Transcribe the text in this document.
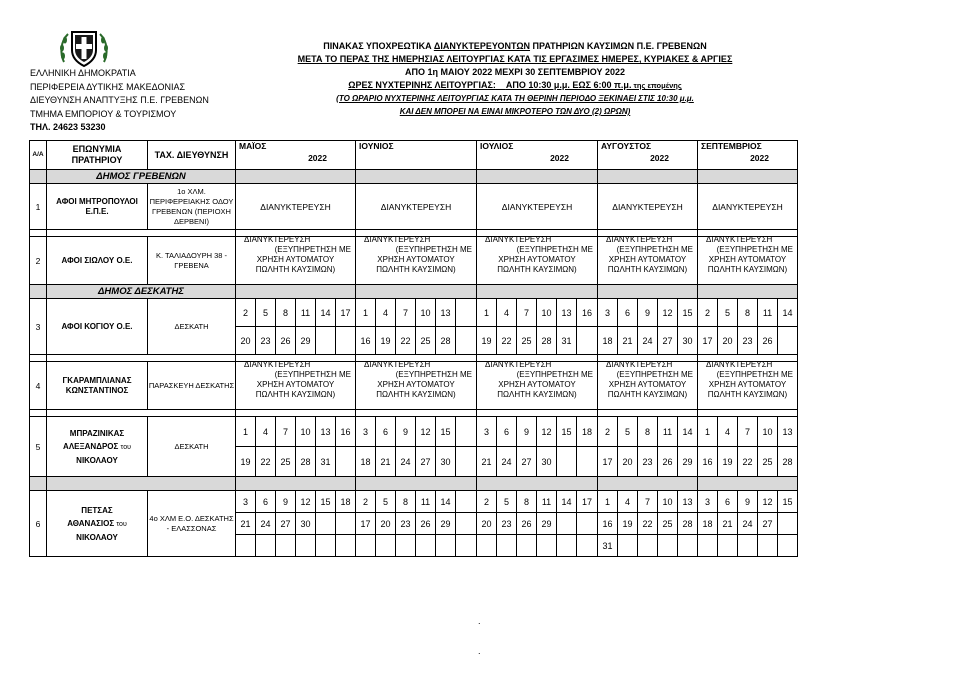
ΕΛΛΗΝΙΚΗ ΔΗΜΟΚΡΑΤΙΑ
ΠΕΡΙΦΕΡΕΙΑ ΔΥΤΙΚΗΣ ΜΑΚΕΔΟΝΙΑΣ
ΔΙΕΥΘΥΝΣΗ ΑΝΑΠΤΥΞΗΣ Π.Ε. ΓΡΕΒΕΝΩΝ
ΤΜΗΜΑ ΕΜΠΟΡΙΟΥ & ΤΟΥΡΙΣΜΟΥ
ΤΗΛ. 24623 53230
ΠΙΝΑΚΑΣ ΥΠΟΧΡΕΩΤΙΚΑ ΔΙΑΝΥΚΤΕΡΕΥΟΝΤΩΝ ΠΡΑΤΗΡΙΩΝ ΚΑΥΣΙΜΩΝ Π.Ε. ΓΡΕΒΕΝΩΝ
ΜΕΤΑ ΤΟ ΠΕΡΑΣ ΤΗΣ ΗΜΕΡΗΣΙΑΣ ΛΕΙΤΟΥΡΓΙΑΣ ΚΑΤΑ ΤΙΣ ΕΡΓΑΣΙΜΕΣ ΗΜΕΡΕΣ, ΚΥΡΙΑΚΕΣ & ΑΡΓΙΕΣ
ΑΠΟ 1η ΜΑΙΟΥ 2022 ΜΕΧΡΙ 30 ΣΕΠΤΕΜΒΡΙΟΥ 2022
ΩΡΕΣ ΝΥΧΤΕΡΙΝΗΣ ΛΕΙΤΟΥΡΓΙΑΣ: ΑΠΟ 10:30 μ.μ. ΕΩΣ 6:00 π.μ. της επομένης
(ΤΟ ΩΡΑΡΙΟ ΝΥΧΤΕΡΙΝΗΣ ΛΕΙΤΟΥΡΓΙΑΣ ΚΑΤΑ ΤΗ ΘΕΡΙΝΗ ΠΕΡΙΟΔΟ ΞΕΚΙΝΑΕΙ ΣΤΙΣ 10:30 μ.μ.
ΚΑΙ ΔΕΝ ΜΠΟΡΕΙ ΝΑ ΕΙΝΑΙ ΜΙΚΡΟΤΕΡΟ ΤΩΝ ΔΥΟ (2) ΩΡΩΝ)
Α/Α	ΕΠΩΝΥΜΙΑ ΠΡΑΤΗΡΙΟΥ	ΤΑΧ. ΔΙΕΥΘΥΝΣΗ	ΜΑΪΟΣ
2022						ΙΟΥΝΙΟΣ						ΙΟΥΛΙΟΣ
2022						ΑΥΓΟΥΣΤΟΣ
2022					ΣΕΠΤΕΜΒΡΙΟΣ
2022				

	ΔΗΜΟΣ ΓΡΕΒΕΝΩΝ																													
1	ΑΦΟΙ ΜΗΤΡΟΠΟΥΛΟΙ Ε.Π.Ε.	1ο ΧΛΜ. ΠΕΡΙΦΕΡΕΙΑΚΗΣ ΟΔΟΥ ΓΡΕΒΕΝΩΝ (ΠΕΡΙΟΧΗ ΔΕΡΒΕΝΙ)	ΔΙΑΝΥΚΤΕΡΕΥΣΗ						ΔΙΑΝΥΚΤΕΡΕΥΣΗ						ΔΙΑΝΥΚΤΕΡΕΥΣΗ						ΔΙΑΝΥΚΤΕΡΕΥΣΗ					ΔΙΑΝΥΚΤΕΡΕΥΣΗ				

2	ΑΦΟΙ ΣΙΩΛΟΥ Ο.Ε.	Κ. ΤΑΛΙΑΔΟΥΡΗ 38 - ΓΡΕΒΕΝΑ	ΔΙΑΝΥΚΤΕΡΕΥΣΗ
(ΕΞΥΠΗΡΕΤΗΣΗ ΜΕ
ΧΡΗΣΗ ΑΥΤΟΜΑΤΟΥ
ΠΩΛΗΤΗ ΚΑΥΣΙΜΩΝ)						ΔΙΑΝΥΚΤΕΡΕΥΣΗ
(ΕΞΥΠΗΡΕΤΗΣΗ ΜΕ
ΧΡΗΣΗ ΑΥΤΟΜΑΤΟΥ
ΠΩΛΗΤΗ ΚΑΥΣΙΜΩΝ)						ΔΙΑΝΥΚΤΕΡΕΥΣΗ
(ΕΞΥΠΗΡΕΤΗΣΗ ΜΕ
ΧΡΗΣΗ ΑΥΤΟΜΑΤΟΥ
ΠΩΛΗΤΗ ΚΑΥΣΙΜΩΝ)						ΔΙΑΝΥΚΤΕΡΕΥΣΗ
(ΕΞΥΠΗΡΕΤΗΣΗ ΜΕ
ΧΡΗΣΗ ΑΥΤΟΜΑΤΟΥ
ΠΩΛΗΤΗ ΚΑΥΣΙΜΩΝ)					ΔΙΑΝΥΚΤΕΡΕΥΣΗ
(ΕΞΥΠΗΡΕΤΗΣΗ ΜΕ
ΧΡΗΣΗ ΑΥΤΟΜΑΤΟΥ
ΠΩΛΗΤΗ ΚΑΥΣΙΜΩΝ)				

	ΔΗΜΟΣ ΔΕΣΚΑΤΗΣ																													
3	ΑΦΟΙ ΚΟΓΙΟΥ Ο.Ε.	ΔΕΣΚΑΤΗ	2	5	8	11	14	17	1	4	7	10	13		1	4	7	10	13	16	3	6	9	12	15	2	5	8	11	14
			20	23	26	29			16	19	22	25	28		19	22	25	28	31		18	21	24	27	30	17	20	23	26	

4	ΓΚΑΡΑΜΠΛΙΑΝΑΣ ΚΩΝΣΤΑΝΤΙΝΟΣ	ΠΑΡΑΣΚΕΥΗ ΔΕΣΚΑΤΗΣ	ΔΙΑΝΥΚΤΕΡΕΥΣΗ
(ΕΞΥΠΗΡΕΤΗΣΗ ΜΕ
ΧΡΗΣΗ ΑΥΤΟΜΑΤΟΥ
ΠΩΛΗΤΗ ΚΑΥΣΙΜΩΝ)						ΔΙΑΝΥΚΤΕΡΕΥΣΗ
(ΕΞΥΠΗΡΕΤΗΣΗ ΜΕ
ΧΡΗΣΗ ΑΥΤΟΜΑΤΟΥ
ΠΩΛΗΤΗ ΚΑΥΣΙΜΩΝ)						ΔΙΑΝΥΚΤΕΡΕΥΣΗ
(ΕΞΥΠΗΡΕΤΗΣΗ ΜΕ
ΧΡΗΣΗ ΑΥΤΟΜΑΤΟΥ
ΠΩΛΗΤΗ ΚΑΥΣΙΜΩΝ)						ΔΙΑΝΥΚΤΕΡΕΥΣΗ
(ΕΞΥΠΗΡΕΤΗΣΗ ΜΕ
ΧΡΗΣΗ ΑΥΤΟΜΑΤΟΥ
ΠΩΛΗΤΗ ΚΑΥΣΙΜΩΝ)					ΔΙΑΝΥΚΤΕΡΕΥΣΗ
(ΕΞΥΠΗΡΕΤΗΣΗ ΜΕ
ΧΡΗΣΗ ΑΥΤΟΜΑΤΟΥ
ΠΩΛΗΤΗ ΚΑΥΣΙΜΩΝ)				

5	ΜΠΡΑΖΙΝΙΚΑΣ
ΑΛΕΞΑΝΔΡΟΣ του
ΝΙΚΟΛΑΟΥ	ΔΕΣΚΑΤΗ	1	4	7	10	13	16	3	6	9	12	15		3	6	9	12	15	18	2	5	8	11	14	1	4	7	10	13
			19	22	25	28	31		18	21	24	27	30		21	24	27	30			17	20	23	26	29	16	19	22	25	28

6	ΠΕΤΣΑΣ
ΑΘΑΝΑΣΙΟΣ του
ΝΙΚΟΛΑΟΥ	4ο ΧΛΜ Ε.Ο. ΔΕΣΚΑΤΗΣ - ΕΛΑΣΣΟΝΑΣ	3	6	9	12	15	18	2	5	8	11	14		2	5	8	11	14	17	1	4	7	10	13	3	6	9	12	15
			21	24	27	30			17	20	23	26	29		20	23	26	29			16	19	22	25	28	18	21	24	27	
																					31									
.
.
